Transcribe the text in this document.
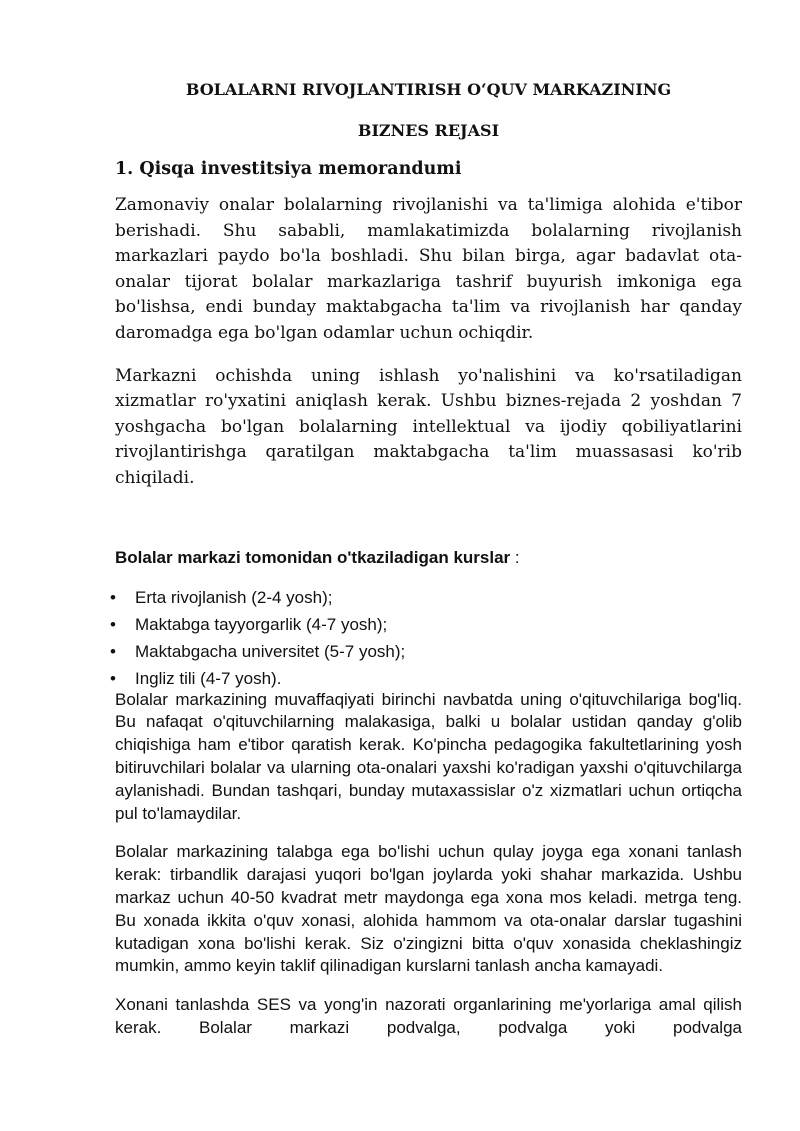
BOLALARNI RIVOJLANTIRISH O‘QUV MARKAZINING

BIZNES REJASI

1. Qisqa investitsiya memorandumi

Zamonaviy onalar bolalarning rivojlanishi va ta'limiga alohida e'tibor berishadi. Shu sababli, mamlakatimizda bolalarning rivojlanish markazlari paydo bo'la boshladi. Shu bilan birga, agar badavlat ota-onalar tijorat bolalar markazlariga tashrif buyurish imkoniga ega bo'lishsa, endi bunday maktabgacha ta'lim va rivojlanish har qanday daromadga ega bo'lgan odamlar uchun ochiqdir.

Markazni ochishda uning ishlash yo'nalishini va ko'rsatiladigan xizmatlar ro'yxatini aniqlash kerak. Ushbu biznes-rejada 2 yoshdan 7 yoshgacha bo'lgan bolalarning intellektual va ijodiy qobiliyatlarini rivojlantirishga qaratilgan maktabgacha ta'lim muassasasi ko'rib chiqiladi.

Bolalar markazi tomonidan o'tkaziladigan kurslar :

• Erta rivojlanish (2-4 yosh);
• Maktabga tayyorgarlik (4-7 yosh);
• Maktabgacha universitet (5-7 yosh);
• Ingliz tili (4-7 yosh).

Bolalar markazining muvaffaqiyati birinchi navbatda uning o'qituvchilariga bog'liq. Bu nafaqat o'qituvchilarning malakasiga, balki u bolalar ustidan qanday g'olib chiqishiga ham e'tibor qaratish kerak. Ko'pincha pedagogika fakultetlarining yosh bitiruvchilari bolalar va ularning ota-onalari yaxshi ko'radigan yaxshi o'qituvchilarga aylanishadi. Bundan tashqari, bunday mutaxassislar o'z xizmatlari uchun ortiqcha pul to'lamaydilar.

Bolalar markazining talabga ega bo'lishi uchun qulay joyga ega xonani tanlash kerak: tirbandlik darajasi yuqori bo'lgan joylarda yoki shahar markazida. Ushbu markaz uchun 40-50 kvadrat metr maydonga ega xona mos keladi. metrga teng. Bu xonada ikkita o'quv xonasi, alohida hammom va ota-onalar darslar tugashini kutadigan xona bo'lishi kerak. Siz o'zingizni bitta o'quv xonasida cheklashingiz mumkin, ammo keyin taklif qilinadigan kurslarni tanlash ancha kamayadi.

Xonani tanlashda SES va yong'in nazorati organlarining me'yorlariga amal qilish kerak. Bolalar markazi podvalga, podvalga yoki podvalga
